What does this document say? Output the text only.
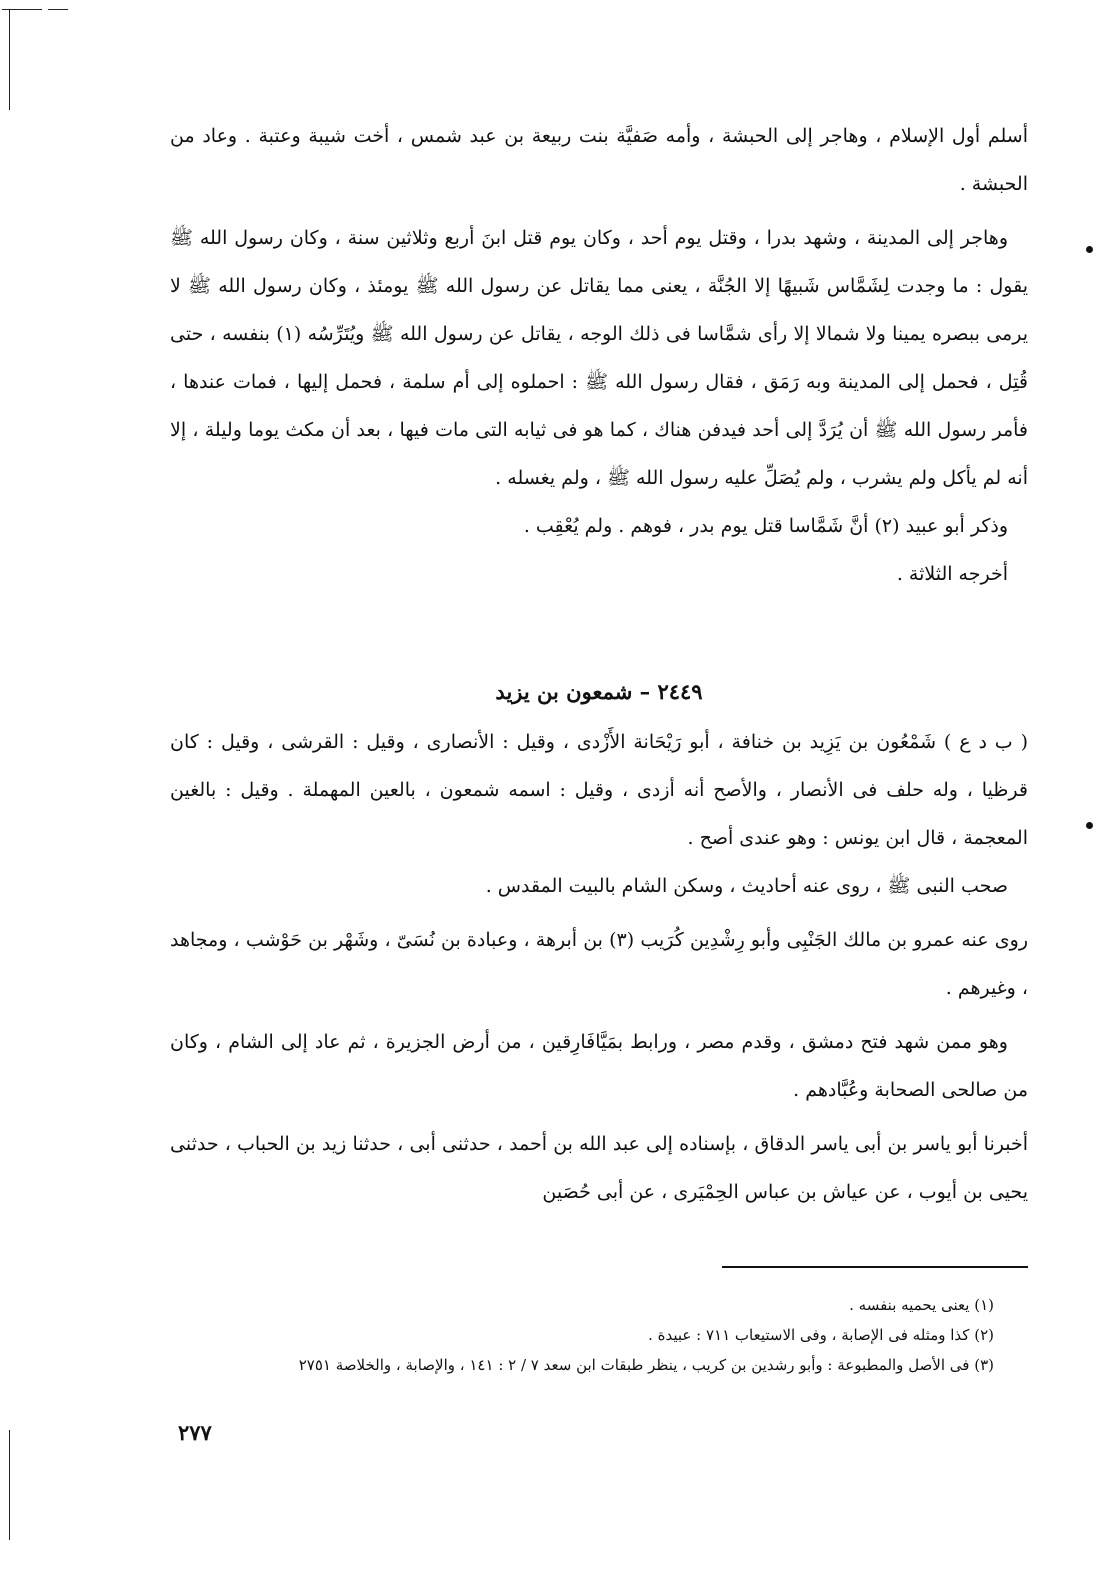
أسلم أول الإسلام ، وهاجر إلى الحبشة ، وأمه صَفيَّة بنت ربيعة بن عبد شمس ، أخت شيبة وعتبة . وعاد من الحبشة .

وهاجر إلى المدينة ، وشهد بدرا ، وقتل يوم أحد ، وكان يوم قتل ابنَ أربع وثلاثين سنة ، وكان رسول الله ﷺ يقول : ما وجدت لِشَمَّاس شَبيهًا إلا الجُنَّة ، يعنى مما يقاتل عن رسول الله ﷺ يومئذ ، وكان رسول الله ﷺ لا يرمى ببصره يمينا ولا شمالا إلا رأى شمَّاسا فى ذلك الوجه ، يقاتل عن رسول الله ﷺ ويُتَرِّسُه (١) بنفسه ، حتى قُتِل ، فحمل إلى المدينة وبه رَمَق ، فقال رسول الله ﷺ : احملوه إلى أم سلمة ، فحمل إليها ، فمات عندها ، فأمر رسول الله ﷺ أن يُرَدَّ إلى أحد فيدفن هناك ، كما هو فى ثيابه التى مات فيها ، بعد أن مكث يوما وليلة ، إلا أنه لم يأكل ولم يشرب ، ولم يُصَلِّ عليه رسول الله ﷺ ، ولم يغسله .

وذكر أبو عبيد (٢) أنَّ شَمَّاسا قتل يوم بدر ، فوهم . ولم يُعْقِب .

أخرجه الثلاثة .

٢٤٤٩ – شمعون بن يزيد

( ب د ع ) شَمْعُون بن يَزِيد بن خنافة ، أبو رَيْحَانة الأَزْدى ، وقيل : الأنصارى ، وقيل : القرشى ، وقيل : كان قرظيا ، وله حلف فى الأنصار ، والأصح أنه أزدى ، وقيل : اسمه شمعون ، بالعين المهملة . وقيل : بالغين المعجمة ، قال ابن يونس : وهو عندى أصح .

صحب النبى ﷺ ، روى عنه أحاديث ، وسكن الشام بالبيت المقدس .

روى عنه عمرو بن مالك الجَنْبِى وأبو رِشْدِين كُرَيب (٣) بن أبرهة ، وعبادة بن نُسَىّ ، وشَهْر بن حَوْشب ، ومجاهد ، وغيرهم .

وهو ممن شهد فتح دمشق ، وقدم مصر ، ورابط بمَيَّافَارِقين ، من أرض الجزيرة ، ثم عاد إلى الشام ، وكان من صالحى الصحابة وعُبَّادهم .

أخبرنا أبو ياسر بن أبى ياسر الدقاق ، بإسناده إلى عبد الله بن أحمد ، حدثنى أبى ، حدثنا زيد بن الحباب ، حدثنى يحيى بن أيوب ، عن عياش بن عباس الحِمْيَرى ، عن أبى حُصَين

(١) يعنى يحميه بنفسه .
(٢) كذا ومثله فى الإصابة ، وفى الاستيعاب ٧١١ : عبيدة .
(٣) فى الأصل والمطبوعة : وأبو رشدين بن كريب ، ينظر طبقات ابن سعد ٧ / ٢ : ١٤١ ، والإصابة ، والخلاصة ٢٧٥١
٢٧٧
